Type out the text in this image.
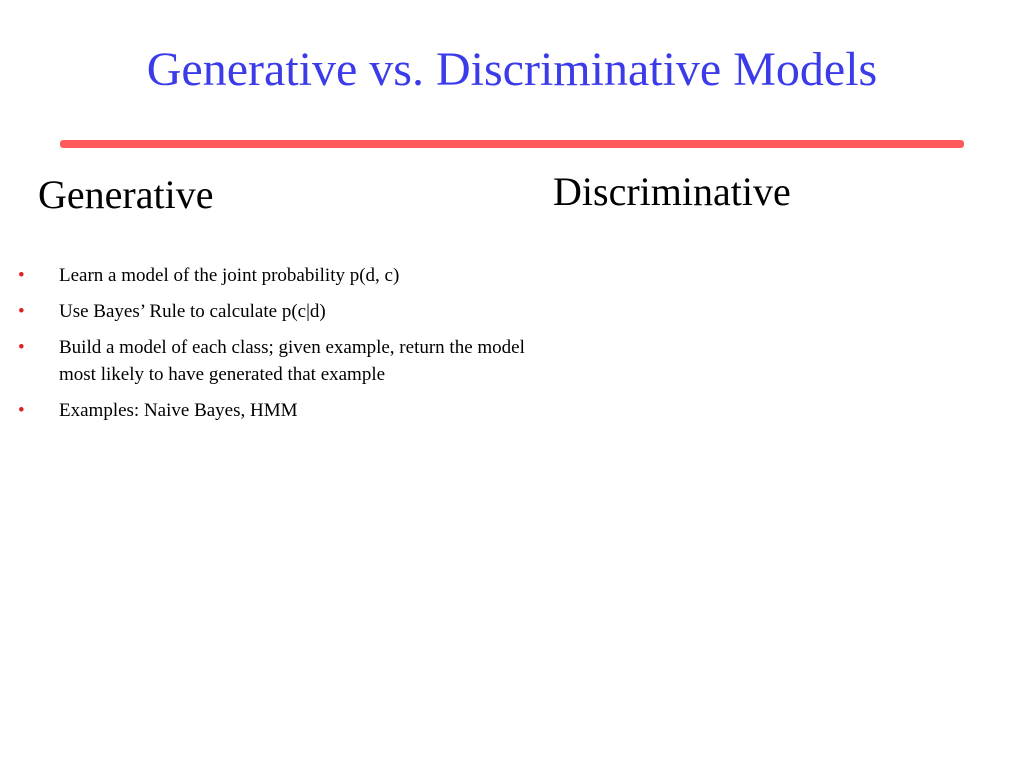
Generative vs. Discriminative Models
Generative	Discriminative
• Learn a model of the joint probability p(d, c)
• Use Bayes’ Rule to calculate p(c|d)
• Build a model of each class; given example, return the model most likely to have generated that example
• Examples: Naive Bayes, HMM
